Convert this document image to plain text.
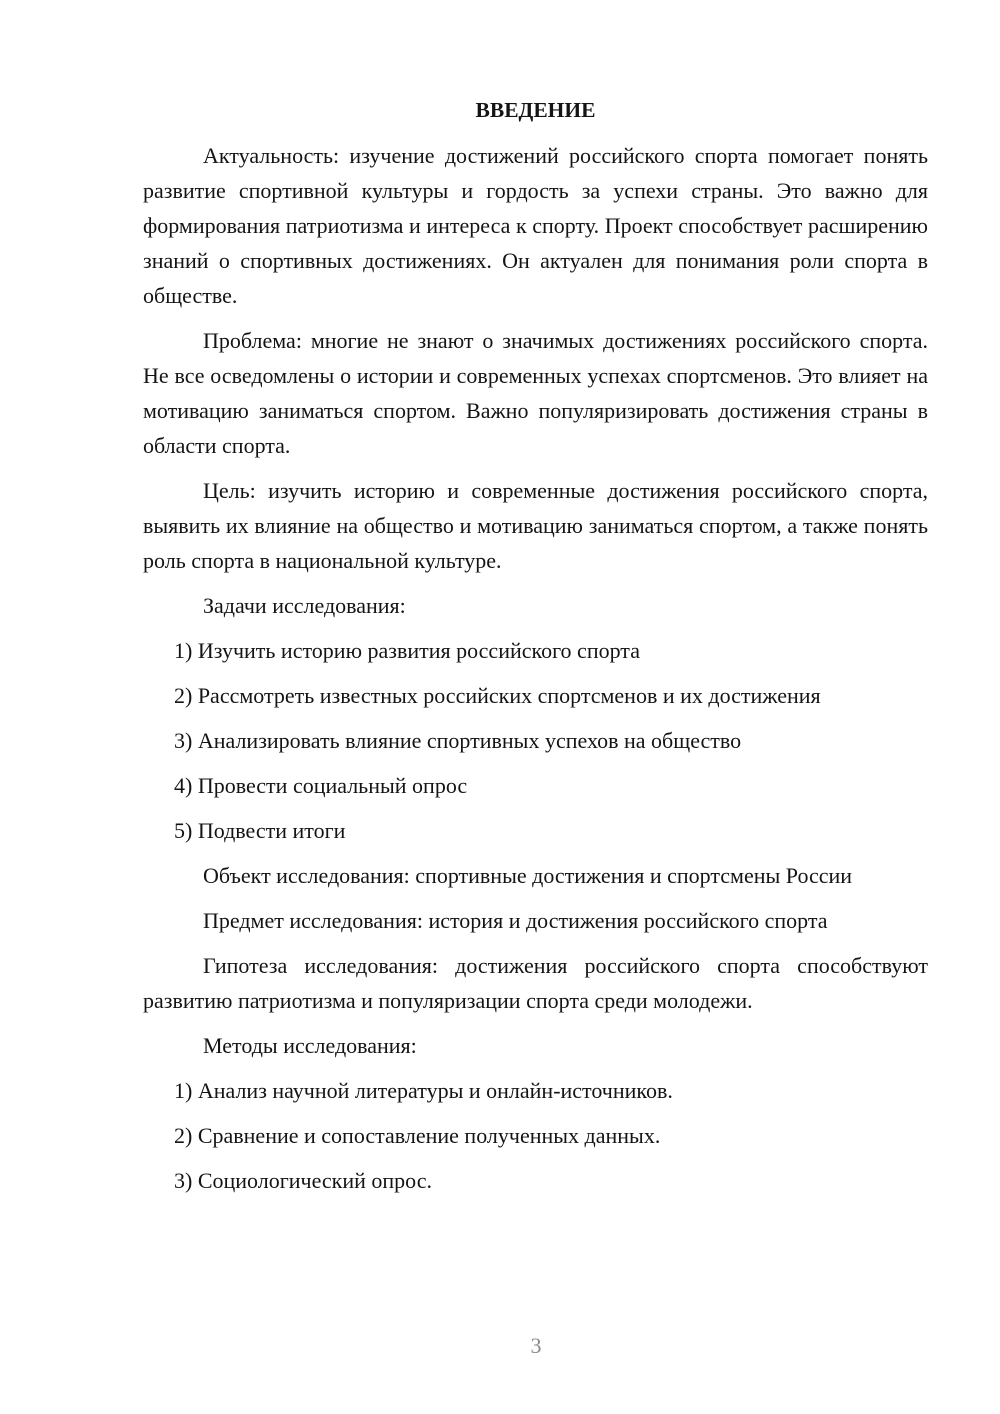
ВВЕДЕНИЕ

Актуальность: изучение достижений российского спорта помогает понять развитие спортивной культуры и гордость за успехи страны. Это важно для формирования патриотизма и интереса к спорту. Проект способствует расширению знаний о спортивных достижениях. Он актуален для понимания роли спорта в обществе.

Проблема: многие не знают о значимых достижениях российского спорта. Не все осведомлены о истории и современных успехах спортсменов. Это влияет на мотивацию заниматься спортом. Важно популяризировать достижения страны в области спорта.

Цель: изучить историю и современные достижения российского спорта, выявить их влияние на общество и мотивацию заниматься спортом, а также понять роль спорта в национальной культуре.

Задачи исследования:

1) Изучить историю развития российского спорта

2) Рассмотреть известных российских спортсменов и их достижения

3) Анализировать влияние спортивных успехов на общество

4) Провести социальный опрос

5) Подвести итоги

Объект исследования: спортивные достижения и спортсмены России

Предмет исследования: история и достижения российского спорта

Гипотеза исследования: достижения российского спорта способствуют развитию патриотизма и популяризации спорта среди молодежи.

Методы исследования:

1) Анализ научной литературы и онлайн-источников.

2) Сравнение и сопоставление полученных данных.

3) Социологический опрос.

3
